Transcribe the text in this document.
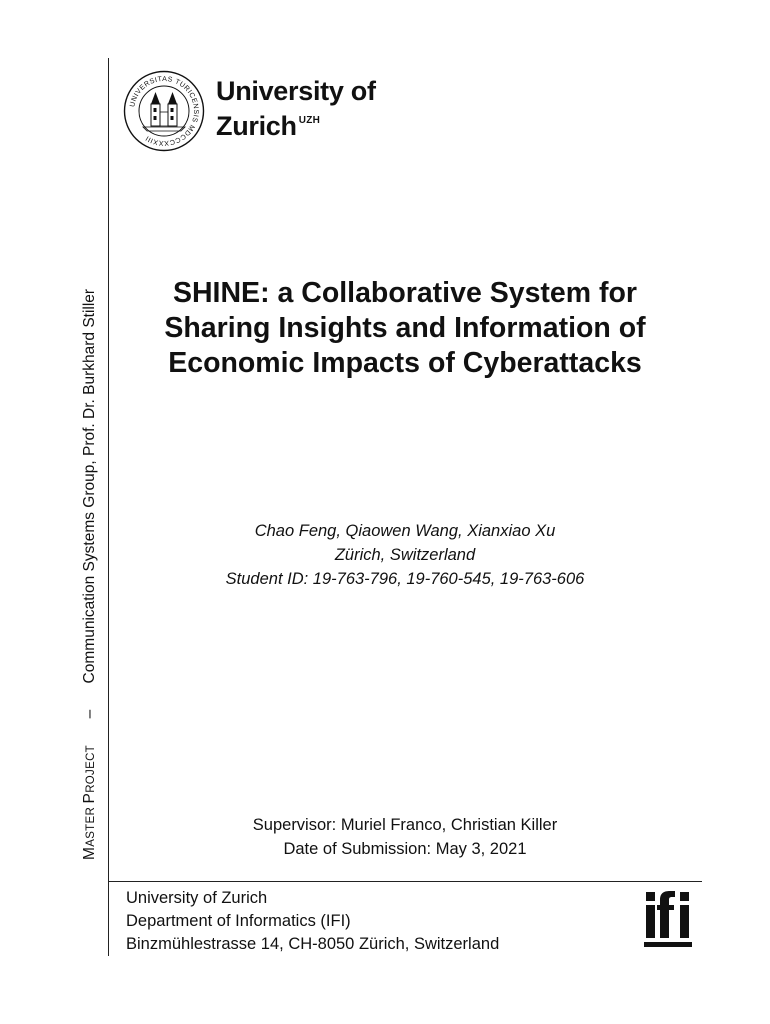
MASTER PROJECT – Communication Systems Group, Prof. Dr. Burkhard Stiller
UNIVERSITAS TURICENSIS MDCCCXXXIII
University of
Zurich $^{UZH}$
SHINE: a Collaborative System for
Sharing Insights and Information of
Economic Impacts of Cyberattacks
Chao Feng, Qiaowen Wang, Xianxiao Xu
Zürich, Switzerland
Student ID: 19-763-796, 19-760-545, 19-763-606
Supervisor: Muriel Franco, Christian Killer
Date of Submission: May 3, 2021
University of Zurich
Department of Informatics (IFI)
Binzmühlestrasse 14, CH-8050 Zürich, Switzerland
